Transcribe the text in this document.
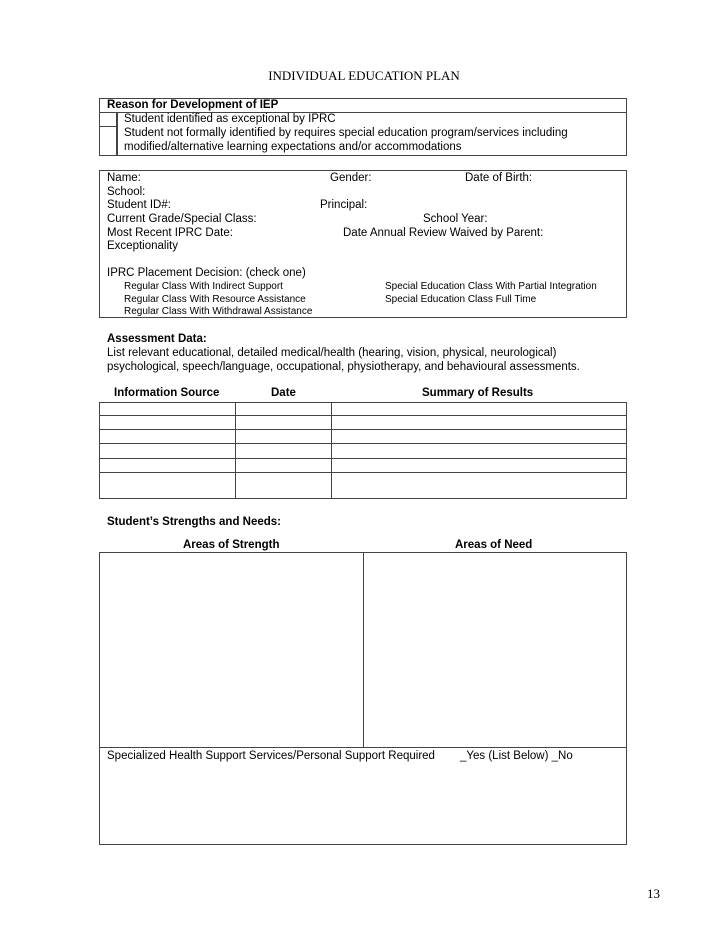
INDIVIDUAL EDUCATION PLAN
Reason for Development of IEP
Student identified as exceptional by IPRC
Student not formally identified by requires special education program/services including
modified/alternative learning expectations and/or accommodations
Name:	Gender:	Date of Birth:
School:
Student ID#:	Principal:
Current Grade/Special Class:	School Year:
Most Recent IPRC Date:	Date Annual Review Waived by Parent:
Exceptionality
IPRC Placement Decision: (check one)
Regular Class With Indirect Support
Regular Class With Resource Assistance
Regular Class With Withdrawal Assistance
Special Education Class With Partial Integration
Special Education Class Full Time
Assessment Data:
List relevant educational, detailed medical/health (hearing, vision, physical, neurological)
psychological, speech/language, occupational, physiotherapy, and behavioural assessments.
Information Source	Date	Summary of Results
Student’s Strengths and Needs:
Areas of Strength	Areas of Need
Specialized Health Support Services/Personal Support Required _Yes (List Below) _No
13
